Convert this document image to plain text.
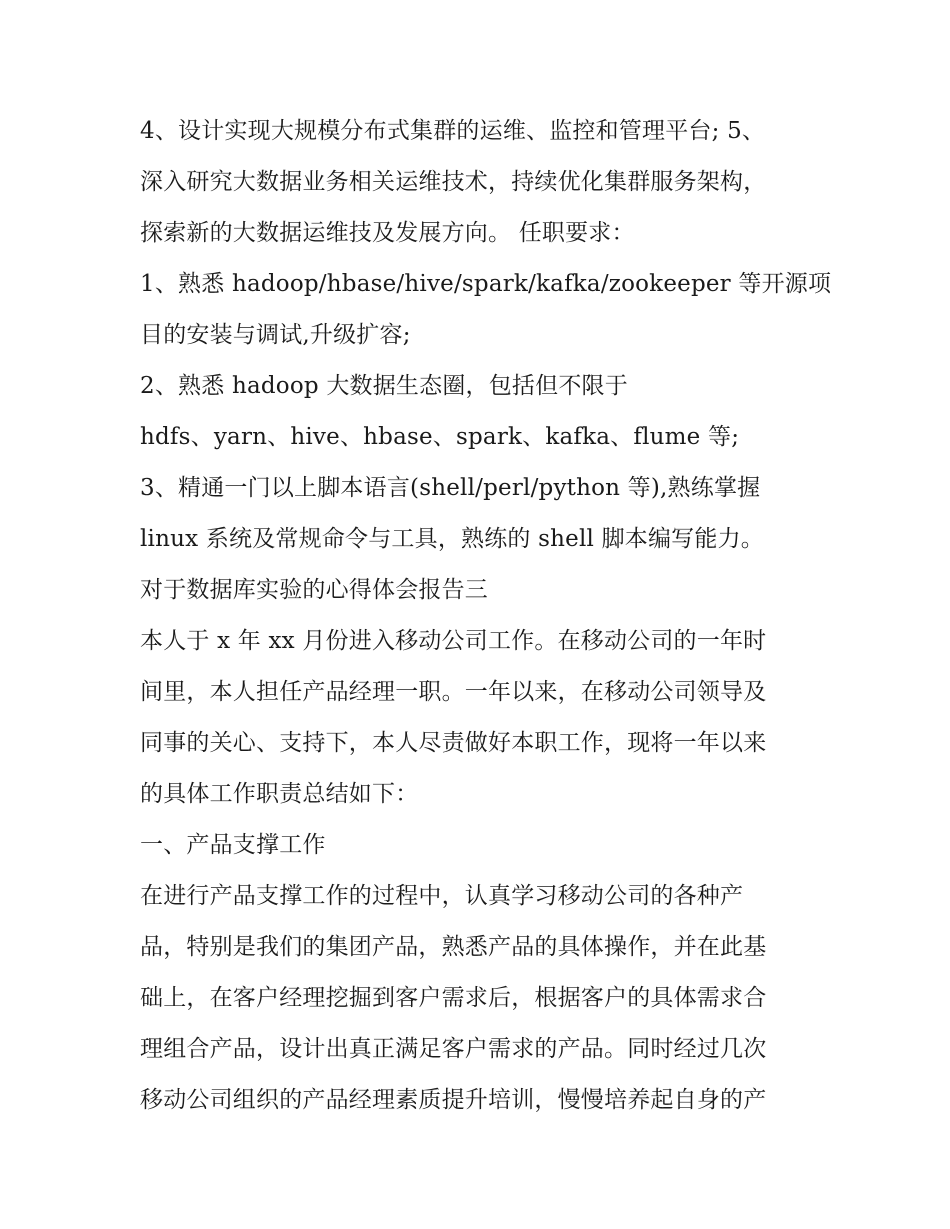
4、设计实现大规模分布式集群的运维、监控和管理平台; 5、
深入研究大数据业务相关运维技术，持续优化集群服务架构，
探索新的大数据运维技及发展方向。 任职要求：
1、熟悉 hadoop/hbase/hive/spark/kafka/zookeeper 等开源项
目的安装与调试,升级扩容;
2、熟悉 hadoop 大数据生态圈，包括但不限于
hdfs、yarn、hive、hbase、spark、kafka、flume 等;
3、精通一门以上脚本语言(shell/perl/python 等),熟练掌握
linux 系统及常规命令与工具，熟练的 shell 脚本编写能力。
对于数据库实验的心得体会报告三
本人于 x 年 xx 月份进入移动公司工作。在移动公司的一年时
间里，本人担任产品经理一职。一年以来，在移动公司领导及
同事的关心、支持下，本人尽责做好本职工作，现将一年以来
的具体工作职责总结如下：
一、产品支撑工作
在进行产品支撑工作的过程中，认真学习移动公司的各种产
品，特别是我们的集团产品，熟悉产品的具体操作，并在此基
础上，在客户经理挖掘到客户需求后，根据客户的具体需求合
理组合产品，设计出真正满足客户需求的产品。同时经过几次
移动公司组织的产品经理素质提升培训，慢慢培养起自身的产
